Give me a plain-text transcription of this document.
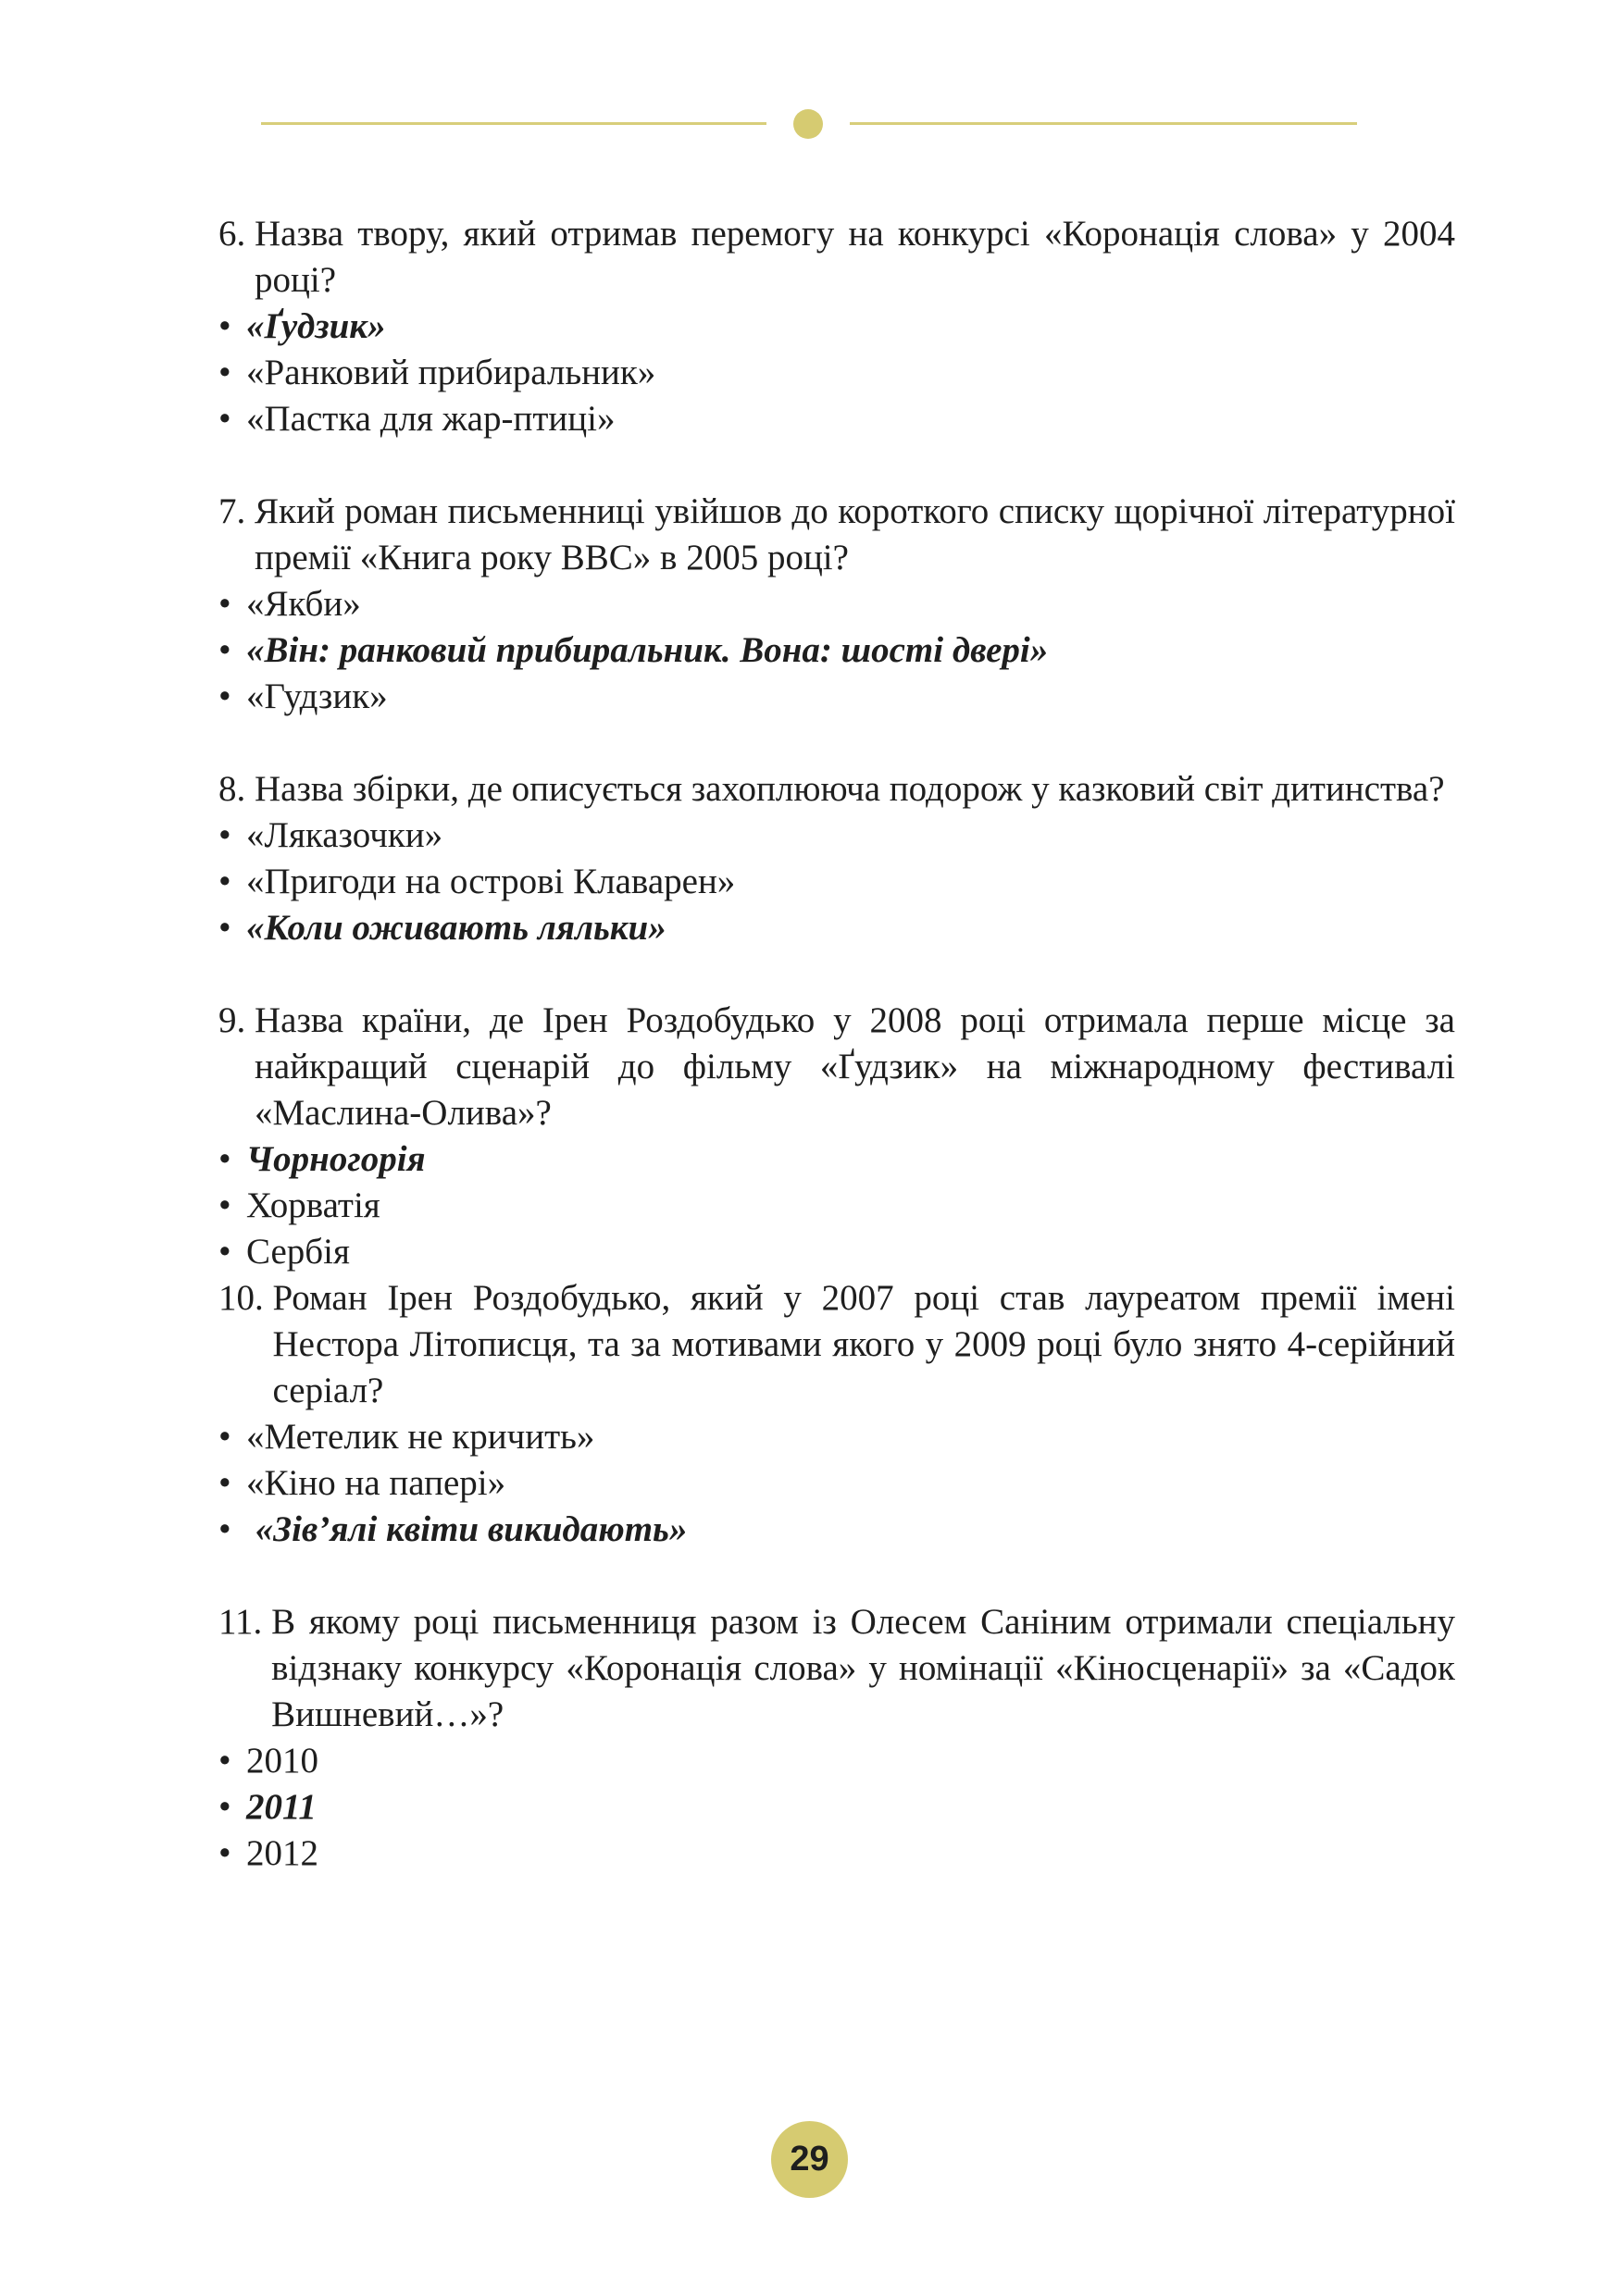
6. Назва твору, який отримав перемогу на конкурсі «Коронація слова» у 2004 році?
• «Ґудзик»
• «Ранковий прибиральник»
• «Пастка для жар-птиці»
7. Який роман письменниці увійшов до короткого списку щорічної літературної премії «Книга року ВВС» в 2005 році?
• «Якби»
• «Він: ранковий прибиральник. Вона: шості двері»
• «Гудзик»
8. Назва збірки, де описується захоплююча подорож у казковий світ дитинства?
• «Ляказочки»
• «Пригоди на острові Клаварен»
• «Коли оживають ляльки»
9. Назва країни, де Ірен Роздобудько у 2008 році отримала перше місце за найкращий сценарій до фільму «Ґудзик» на міжнародному фестивалі «Маслина-Олива»?
• Чорногорія
• Хорватія
• Сербія
10. Роман Ірен Роздобудько, який у 2007 році став лауреатом премії імені Нестора Літописця, та за мотивами якого у 2009 році було знято 4-серійний серіал?
• «Метелик не кричить»
• «Кіно на папері»
• «Зів’ялі квіти викидають»
11. В якому році письменниця разом із Олесем Саніним отримали спеціальну відзнаку конкурсу «Коронація слова» у номінації «Кіносценарії» за «Садок Вишневий…»?
• 2010
• 2011
• 2012
29
